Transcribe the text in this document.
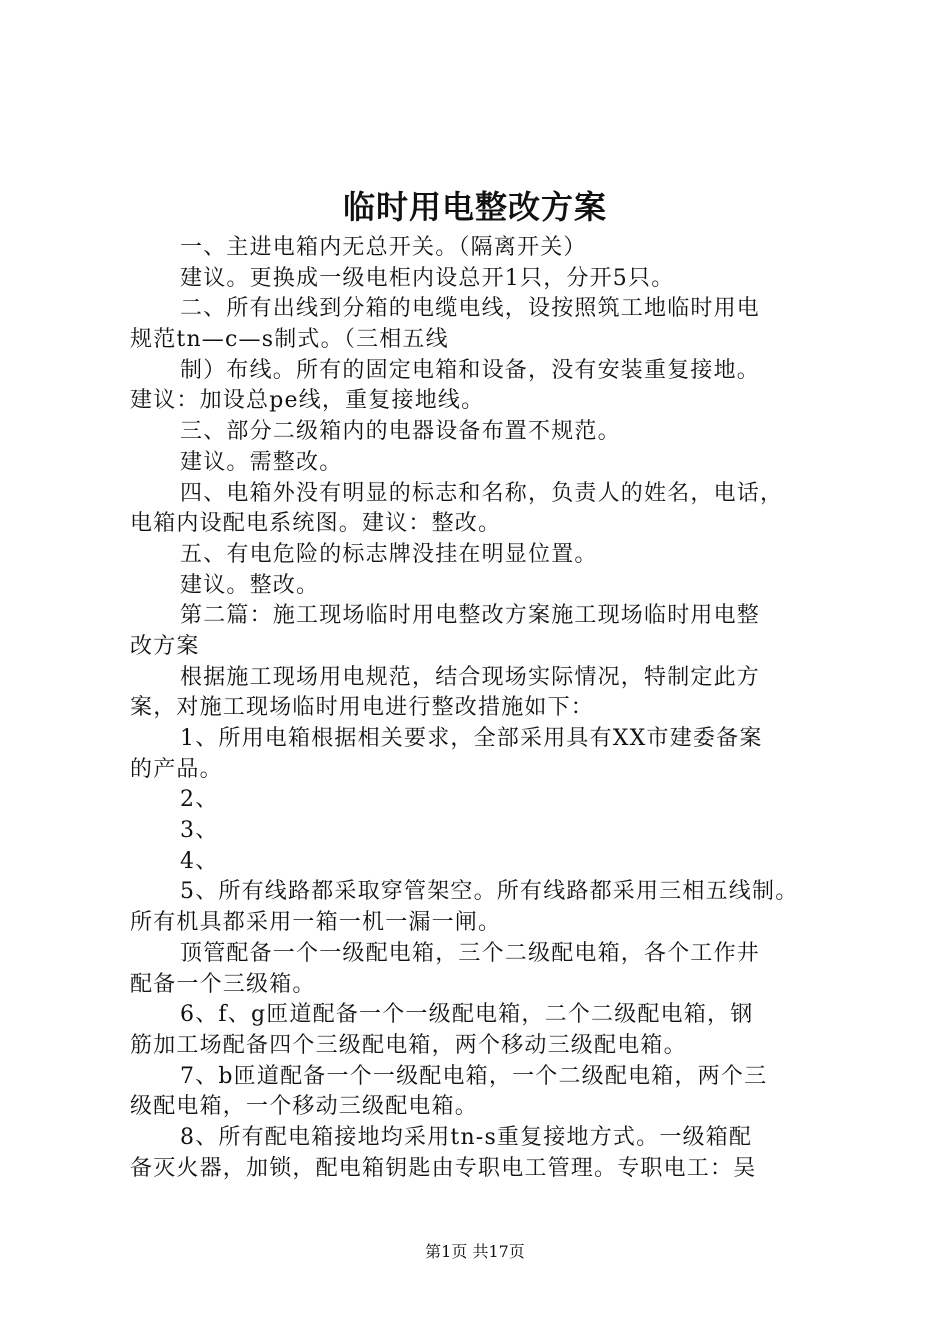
临时用电整改方案
一、主进电箱内无总开关。（隔离开关）
建议。更换成一级电柜内设总开1只，分开5只。
二、所有出线到分箱的电缆电线，设按照筑工地临时用电
规范tn—c—s制式。（三相五线
制）布线。所有的固定电箱和设备，没有安装重复接地。
建议：加设总pe线，重复接地线。
三、部分二级箱内的电器设备布置不规范。
建议。需整改。
四、电箱外没有明显的标志和名称，负责人的姓名，电话，
电箱内设配电系统图。建议：整改。
五、有电危险的标志牌没挂在明显位置。
建议。整改。
第二篇：施工现场临时用电整改方案施工现场临时用电整
改方案
根据施工现场用电规范，结合现场实际情况，特制定此方
案，对施工现场临时用电进行整改措施如下：
1、所用电箱根据相关要求，全部采用具有XX市建委备案
的产品。
2、
3、
4、
5、所有线路都采取穿管架空。所有线路都采用三相五线制。
所有机具都采用一箱一机一漏一闸。
顶管配备一个一级配电箱，三个二级配电箱，各个工作井
配备一个三级箱。
6、f、g匝道配备一个一级配电箱，二个二级配电箱，钢
筋加工场配备四个三级配电箱，两个移动三级配电箱。
7、b匝道配备一个一级配电箱，一个二级配电箱，两个三
级配电箱，一个移动三级配电箱。
8、所有配电箱接地均采用tn-s重复接地方式。一级箱配
备灭火器，加锁，配电箱钥匙由专职电工管理。专职电工：吴
第1页 共17页
